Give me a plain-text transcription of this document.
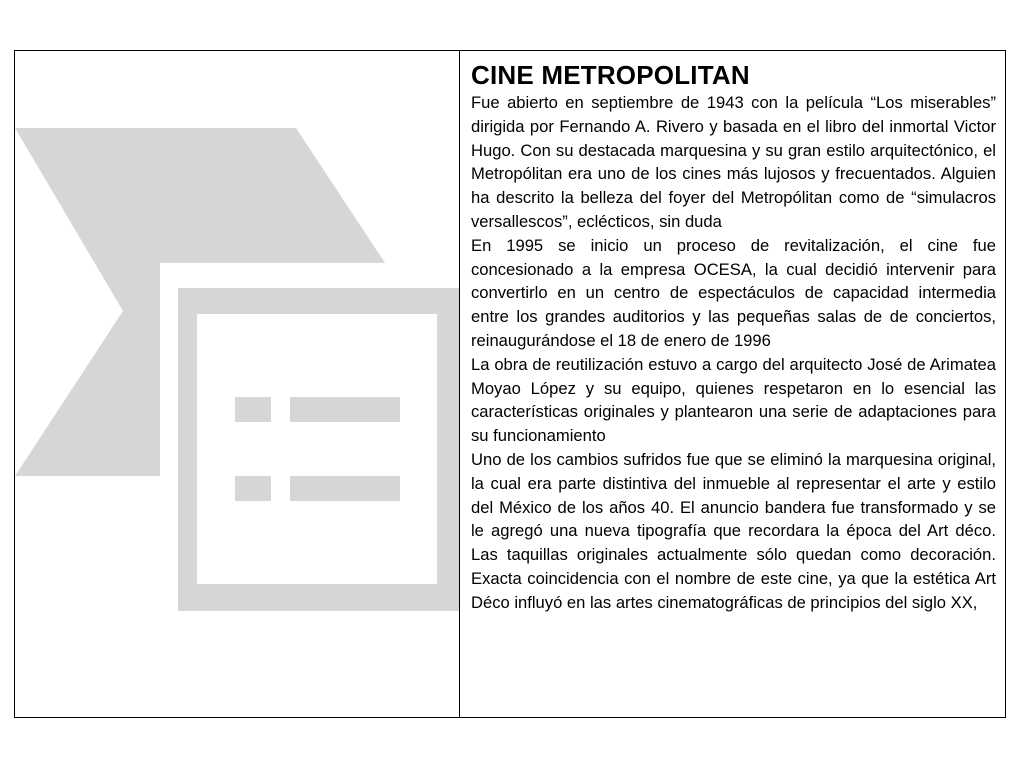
CINE METROPOLITAN

Fue abierto en septiembre de 1943 con la película “Los miserables” dirigida por Fernando A. Rivero y basada en el libro del inmortal Victor Hugo. Con su destacada marquesina y su gran estilo arquitectónico, el Metropólitan era uno de los cines más lujosos y frecuentados. Alguien ha descrito la belleza del foyer del Metropólitan como de “simulacros versallescos”, eclécticos, sin duda

En 1995 se inicio un proceso de revitalización, el cine fue concesionado a la empresa OCESA, la cual decidió intervenir para convertirlo en un centro de espectáculos de capacidad intermedia entre los grandes auditorios y las pequeñas salas de de conciertos, reinaugurándose el 18 de enero de 1996

La obra de reutilización estuvo a cargo del arquitecto José de Arimatea Moyao López y su equipo, quienes respetaron en lo esencial las características originales y plantearon una serie de adaptaciones para su funcionamiento

Uno de los cambios sufridos fue que se eliminó la marquesina original, la cual era parte distintiva del inmueble al representar el arte y estilo del México de los años 40. El anuncio bandera fue transformado y se le agregó una nueva tipografía que recordara la época del Art déco. Las taquillas originales actualmente sólo quedan como decoración. Exacta coincidencia con el nombre de este cine, ya que la estética Art Déco influyó en las artes cinematográficas de principios del siglo XX,
